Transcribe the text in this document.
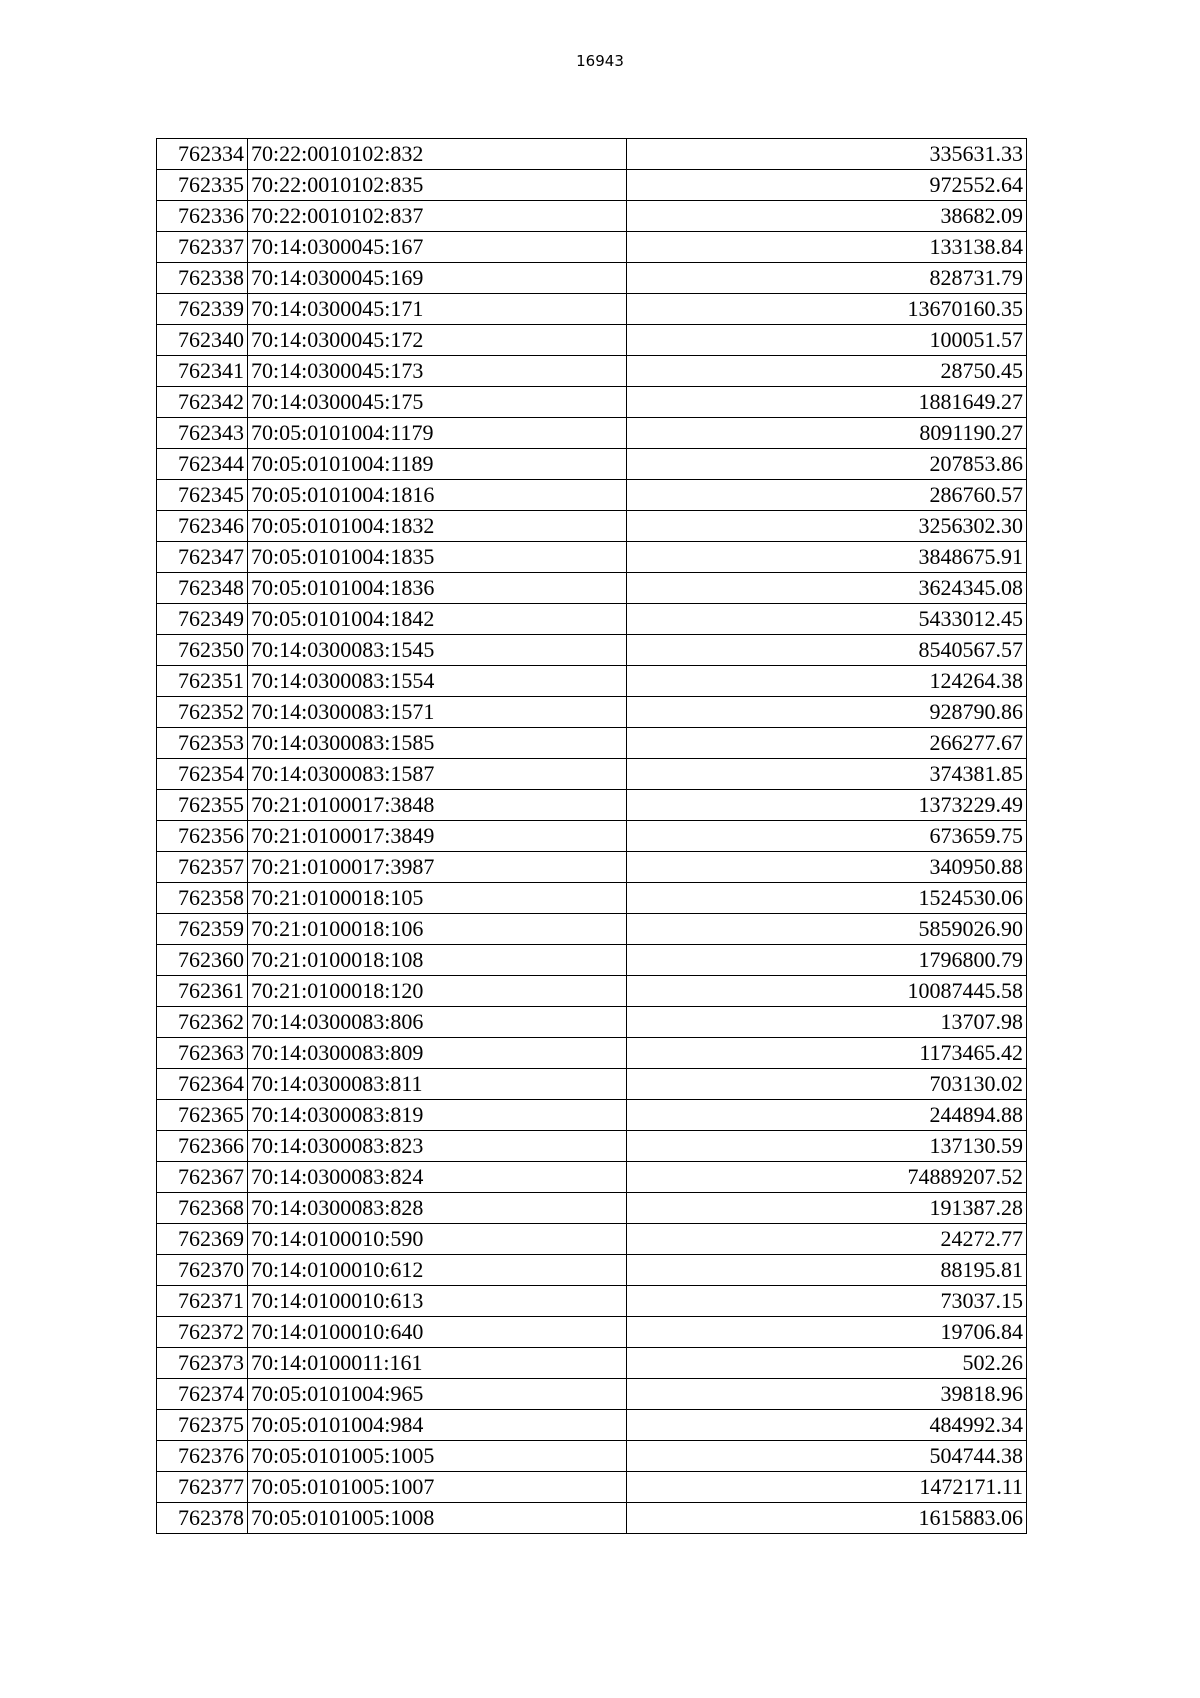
16943
762334	70:22:0010102:832	335631.33
762335	70:22:0010102:835	972552.64
762336	70:22:0010102:837	38682.09
762337	70:14:0300045:167	133138.84
762338	70:14:0300045:169	828731.79
762339	70:14:0300045:171	13670160.35
762340	70:14:0300045:172	100051.57
762341	70:14:0300045:173	28750.45
762342	70:14:0300045:175	1881649.27
762343	70:05:0101004:1179	8091190.27
762344	70:05:0101004:1189	207853.86
762345	70:05:0101004:1816	286760.57
762346	70:05:0101004:1832	3256302.30
762347	70:05:0101004:1835	3848675.91
762348	70:05:0101004:1836	3624345.08
762349	70:05:0101004:1842	5433012.45
762350	70:14:0300083:1545	8540567.57
762351	70:14:0300083:1554	124264.38
762352	70:14:0300083:1571	928790.86
762353	70:14:0300083:1585	266277.67
762354	70:14:0300083:1587	374381.85
762355	70:21:0100017:3848	1373229.49
762356	70:21:0100017:3849	673659.75
762357	70:21:0100017:3987	340950.88
762358	70:21:0100018:105	1524530.06
762359	70:21:0100018:106	5859026.90
762360	70:21:0100018:108	1796800.79
762361	70:21:0100018:120	10087445.58
762362	70:14:0300083:806	13707.98
762363	70:14:0300083:809	1173465.42
762364	70:14:0300083:811	703130.02
762365	70:14:0300083:819	244894.88
762366	70:14:0300083:823	137130.59
762367	70:14:0300083:824	74889207.52
762368	70:14:0300083:828	191387.28
762369	70:14:0100010:590	24272.77
762370	70:14:0100010:612	88195.81
762371	70:14:0100010:613	73037.15
762372	70:14:0100010:640	19706.84
762373	70:14:0100011:161	502.26
762374	70:05:0101004:965	39818.96
762375	70:05:0101004:984	484992.34
762376	70:05:0101005:1005	504744.38
762377	70:05:0101005:1007	1472171.11
762378	70:05:0101005:1008	1615883.06
